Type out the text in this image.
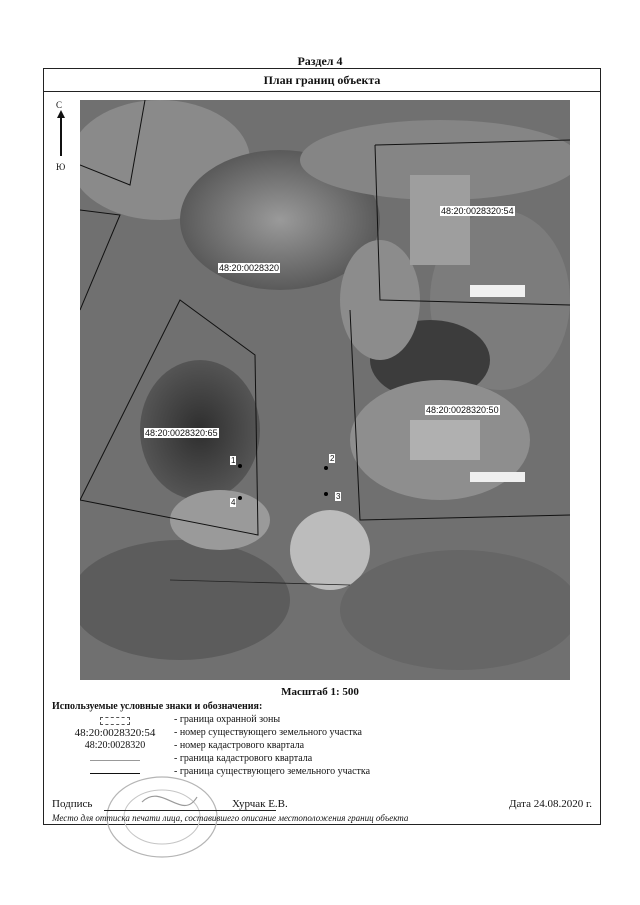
Раздел 4
План границ объекта
С
Ю
48:20:0028320:54
48:20:0028320
48:20:0028320:50
48:20:0028320:65
1	2
3
4
Масштаб 1: 500
Используемые условные знаки и обозначения:
- граница охранной зоны
48:20:0028320:54	- номер существующего земельного участка
48:20:0028320	- номер кадастрового квартала
- граница кадастрового квартала
- граница существующего земельного участка
Подпись	Хурчак Е.В.	Дата 24.08.2020 г.
Место для оттиска печати лица, составившего описание местоположения границ объекта
